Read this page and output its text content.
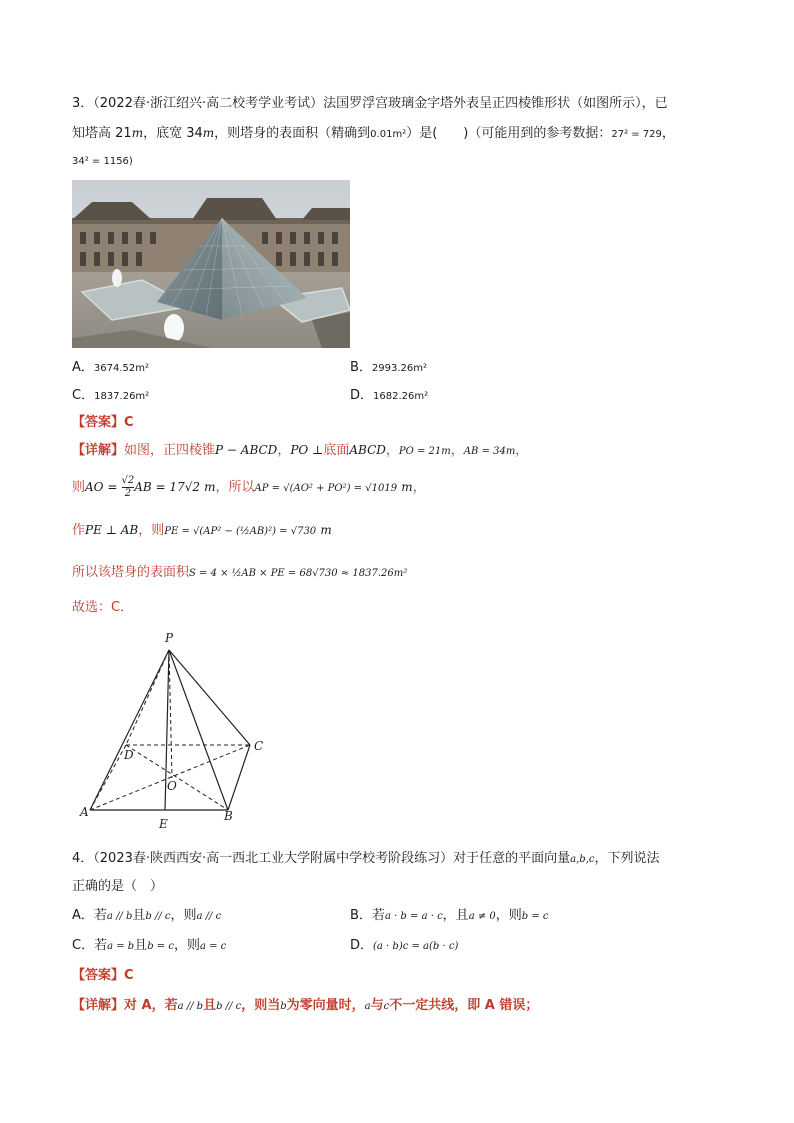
3．（2022春·浙江绍兴·高二校考学业考试）法国罗浮宫玻璃金字塔外表呈正四棱锥形状（如图所示），已
知塔高 21m，底宽 34m，则塔身的表面积（精确到0.01m²）是(　　)（可能用到的参考数据：27² = 729，
34² = 1156)
A．3674.52m²	B．2993.26m²
C．1837.26m²	D．1682.26m²
【答案】C
【详解】如图，正四棱锥P − ABCD，PO ⊥底面ABCD，PO = 21m，AB = 34m，
则AO = $\frac{√2}{2}$ AB = 17√2 m，所以AP = √(AO² + PO²) = √1019 m，
作PE ⊥ AB，则PE = √(AP² − (½AB)²) = √730 m
所以该塔身的表面积S = 4 × ½AB × PE = 68√730 ≈ 1837.26m²
故选：C．
P
A	B
C
D
O
E
4．（2023春·陕西西安·高一西北工业大学附属中学校考阶段练习）对于任意的平面向量a,b,c，下列说法
正确的是（　）
A．若a // b且b // c，则a // c	B．若a · b = a · c，且a ≠ 0，则b = c
C．若a = b且b = c，则a = c	D．(a · b)c = a(b · c)
【答案】C
【详解】对 A，若a // b且b // c，则当b为零向量时，a与c不一定共线，即 A 错误；
